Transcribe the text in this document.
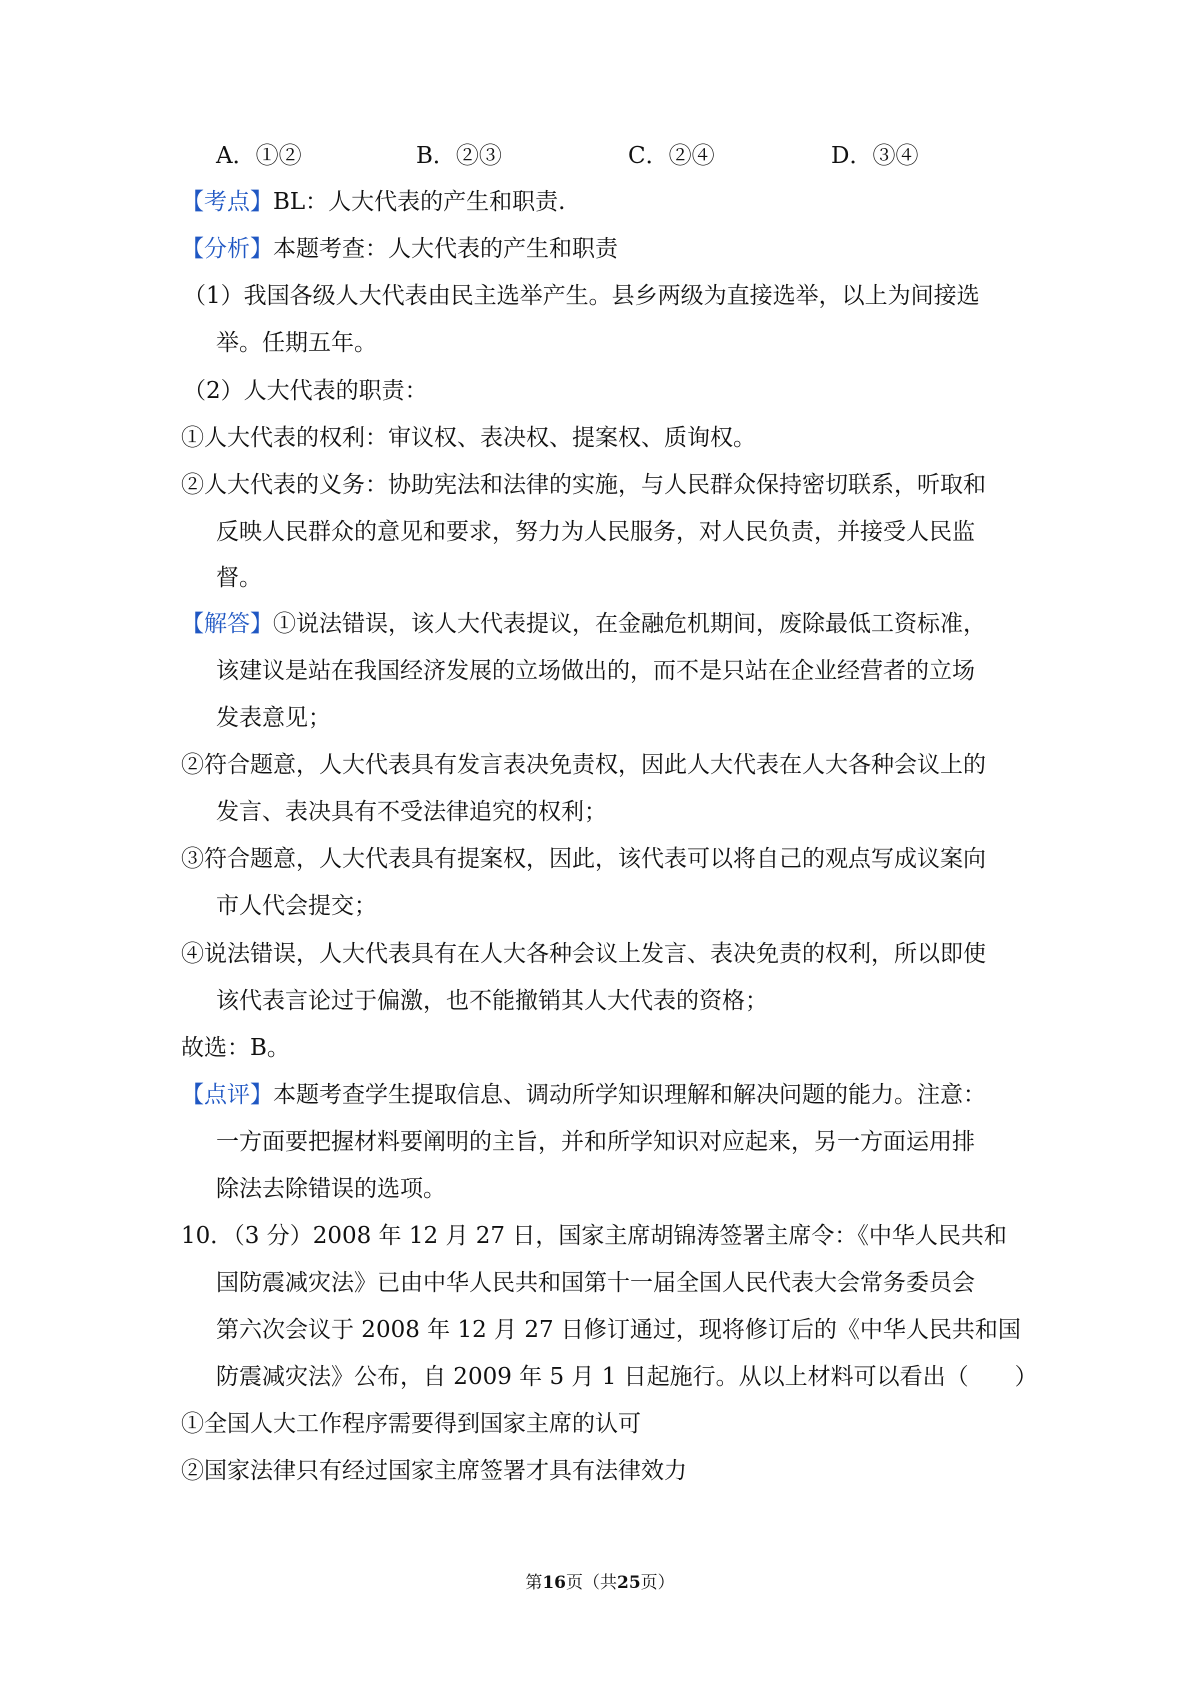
A．①②	B．②③	C．②④	D．③④
【考点】BL：人大代表的产生和职责.
【分析】本题考查：人大代表的产生和职责
（1）我国各级人大代表由民主选举产生。县乡两级为直接选举，以上为间接选
举。任期五年。
（2）人大代表的职责：
①人大代表的权利：审议权、表决权、提案权、质询权。
②人大代表的义务：协助宪法和法律的实施，与人民群众保持密切联系，听取和
反映人民群众的意见和要求，努力为人民服务，对人民负责，并接受人民监
督。
【解答】①说法错误，该人大代表提议，在金融危机期间，废除最低工资标准，
该建议是站在我国经济发展的立场做出的，而不是只站在企业经营者的立场
发表意见；
②符合题意，人大代表具有发言表决免责权，因此人大代表在人大各种会议上的
发言、表决具有不受法律追究的权利；
③符合题意，人大代表具有提案权，因此，该代表可以将自己的观点写成议案向
市人代会提交；
④说法错误，人大代表具有在人大各种会议上发言、表决免责的权利，所以即使
该代表言论过于偏激，也不能撤销其人大代表的资格；
故选：B。
【点评】本题考查学生提取信息、调动所学知识理解和解决问题的能力。注意：
一方面要把握材料要阐明的主旨，并和所学知识对应起来，另一方面运用排
除法去除错误的选项。
10．（3 分）2008 年 12 月 27 日，国家主席胡锦涛签署主席令：《中华人民共和
国防震减灾法》已由中华人民共和国第十一届全国人民代表大会常务委员会
第六次会议于 2008 年 12 月 27 日修订通过，现将修订后的《中华人民共和国
防震减灾法》公布，自 2009 年 5 月 1 日起施行。从以上材料可以看出（　　）
①全国人大工作程序需要得到国家主席的认可
②国家法律只有经过国家主席签署才具有法律效力
第16页（共25页）
